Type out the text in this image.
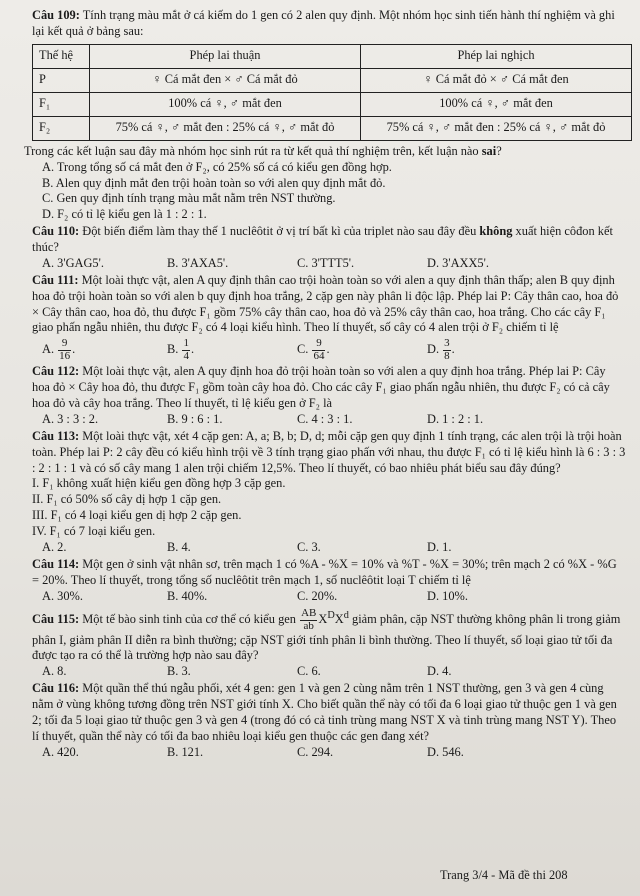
Câu 109: Tính trạng màu mắt ở cá kiếm do 1 gen có 2 alen quy định. Một nhóm học sinh tiến hành thí nghiệm và ghi lại kết quả ở bảng sau:

Thế hệ	Phép lai thuận	Phép lai nghịch
P	♀ Cá mắt đen × ♂ Cá mắt đỏ	♀ Cá mắt đỏ × ♂ Cá mắt đen
F₁	100% cá ♀, ♂ mắt đen	100% cá ♀, ♂ mắt đen
F₂	75% cá ♀, ♂ mắt đen : 25% cá ♀, ♂ mắt đỏ	75% cá ♀, ♂ mắt đen : 25% cá ♀, ♂ mắt đỏ

Trong các kết luận sau đây mà nhóm học sinh rút ra từ kết quả thí nghiệm trên, kết luận nào sai?

A. Trong tổng số cá mắt đen ở F₂, có 25% số cá có kiểu gen đồng hợp.

B. Alen quy định mắt đen trội hoàn toàn so với alen quy định mắt đỏ.

C. Gen quy định tính trạng màu mắt nằm trên NST thường.

D. F₂ có tỉ lệ kiểu gen là 1 : 2 : 1.

Câu 110: Đột biến điểm làm thay thế 1 nuclêôtit ở vị trí bất kì của triplet nào sau đây đều không xuất hiện côđon kết thúc?

A. 3'GAG5'.	B. 3'AXA5'.	C. 3'TTT5'.	D. 3'AXX5'.

Câu 111: Một loài thực vật, alen A quy định thân cao trội hoàn toàn so với alen a quy định thân thấp; alen B quy định hoa đỏ trội hoàn toàn so với alen b quy định hoa trắng, 2 cặp gen này phân li độc lập. Phép lai P: Cây thân cao, hoa đỏ × Cây thân cao, hoa đỏ, thu được F₁ gồm 75% cây thân cao, hoa đỏ và 25% cây thân cao, hoa trắng. Cho các cây F₁ giao phấn ngẫu nhiên, thu được F₂ có 4 loại kiểu hình. Theo lí thuyết, số cây có 4 alen trội ở F₂ chiếm tỉ lệ

A.
$\frac{9}{16}$ .	B.
$\frac{1}{4}$ .	C.
$\frac{9}{64}$ .	D.
$\frac{3}{8}$ .

Câu 112: Một loài thực vật, alen A quy định hoa đỏ trội hoàn toàn so với alen a quy định hoa trắng. Phép lai P: Cây hoa đỏ × Cây hoa đỏ, thu được F₁ gồm toàn cây hoa đỏ. Cho các cây F₁ giao phấn ngẫu nhiên, thu được F₂ có cả cây hoa đỏ và cây hoa trắng. Theo lí thuyết, tỉ lệ kiểu gen ở F₂ là

A. 3 : 3 : 2.	B. 9 : 6 : 1.	C. 4 : 3 : 1.	D. 1 : 2 : 1.

Câu 113: Một loài thực vật, xét 4 cặp gen: A, a; B, b; D, d; mỗi cặp gen quy định 1 tính trạng, các alen trội là trội hoàn toàn. Phép lai P: 2 cây đều có kiểu hình trội về 3 tính trạng giao phấn với nhau, thu được F₁ có tỉ lệ kiểu hình là 6 : 3 : 3 : 2 : 1 : 1 và có số cây mang 1 alen trội chiếm 12,5%. Theo lí thuyết, có bao nhiêu phát biểu sau đây đúng?

I. F₁ không xuất hiện kiểu gen đồng hợp 3 cặp gen.

II. F₁ có 50% số cây dị hợp 1 cặp gen.

III. F₁ có 4 loại kiểu gen dị hợp 2 cặp gen.

IV. F₁ có 7 loại kiểu gen.

A. 2.	B. 4.	C. 3.	D. 1.

Câu 114: Một gen ở sinh vật nhân sơ, trên mạch 1 có %A - %X = 10% và %T - %X = 30%; trên mạch 2 có %X - %G = 20%. Theo lí thuyết, trong tổng số nuclêôtit trên mạch 1, số nuclêôtit loại T chiếm tỉ lệ

A. 30%.	B. 40%.	C. 20%.	D. 10%.

Câu 115: Một tế bào sinh tinh của cơ thể có kiểu gen $\frac{AB}{ab} X^DX^d$ giảm phân, cặp NST thường không phân li trong giảm phân I, giảm phân II diễn ra bình thường; cặp NST giới tính phân li bình thường. Theo lí thuyết, số loại giao tử tối đa được tạo ra có thể là trường hợp nào sau đây?

A. 8.	B. 3.	C. 6.	D. 4.

Câu 116: Một quần thể thú ngẫu phối, xét 4 gen: gen 1 và gen 2 cùng nằm trên 1 NST thường, gen 3 và gen 4 cùng nằm ở vùng không tương đồng trên NST giới tính X. Cho biết quần thể này có tối đa 6 loại giao tử thuộc gen 1 và gen 2; tối đa 5 loại giao tử thuộc gen 3 và gen 4 (trong đó có cả tinh trùng mang NST X và tinh trùng mang NST Y). Theo lí thuyết, quần thể này có tối đa bao nhiêu loại kiểu gen thuộc các gen đang xét?

A. 420.	B. 121.	C. 294.	D. 546.
Trang 3/4 - Mã đề thi 208
